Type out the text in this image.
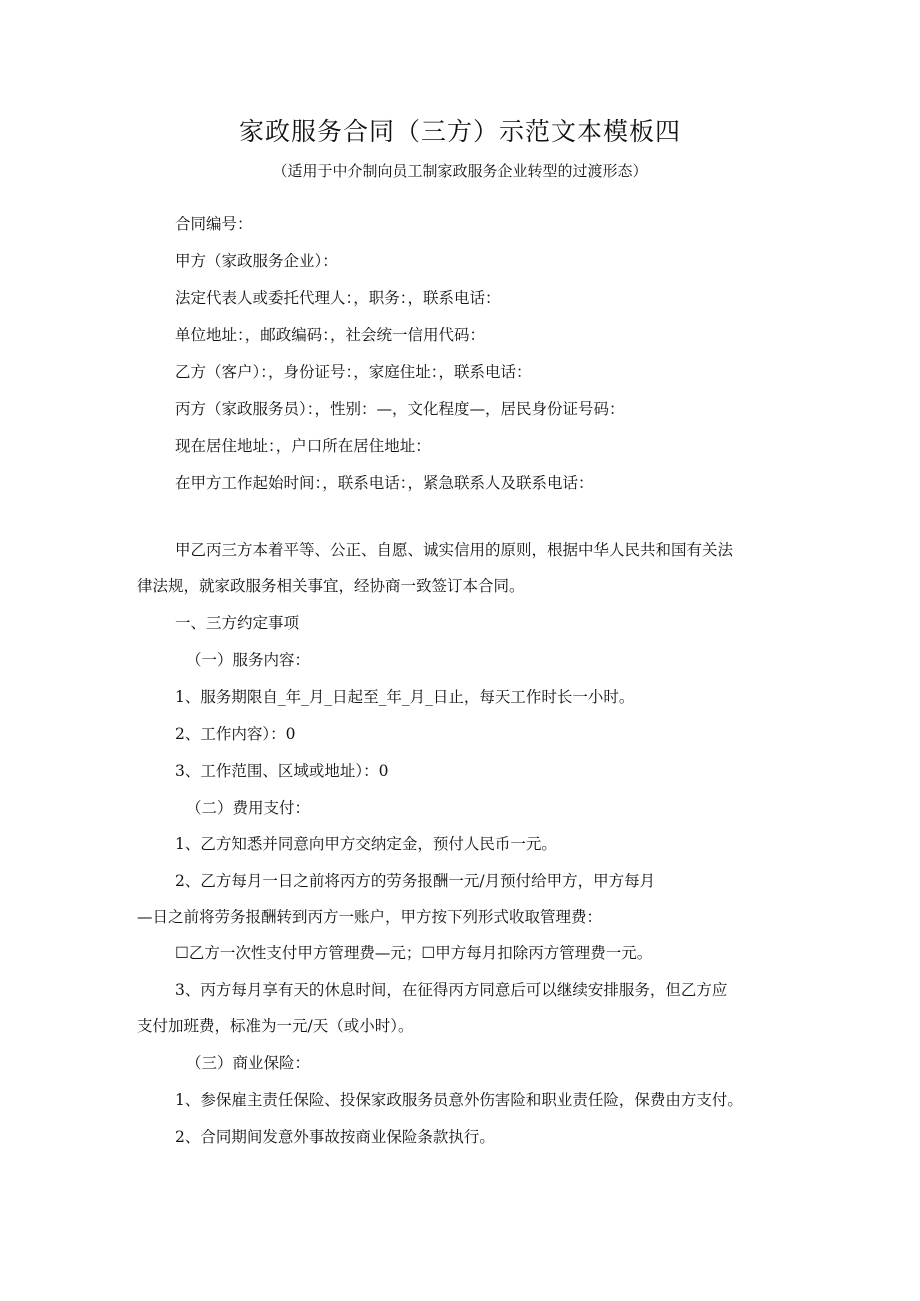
家政服务合同（三方）示范文本模板四
（适用于中介制向员工制家政服务企业转型的过渡形态）
合同编号：
甲方（家政服务企业）：
法定代表人或委托代理人：，职务：，联系电话：
单位地址：，邮政编码：，社会统一信用代码：
乙方（客户）：，身份证号：，家庭住址：，联系电话：
丙方（家政服务员）：，性别：—，文化程度—，居民身份证号码：
现在居住地址：，户口所在居住地址：
在甲方工作起始时间：，联系电话：，紧急联系人及联系电话：
甲乙丙三方本着平等、公正、自愿、诚实信用的原则，根据中华人民共和国有关法
律法规，就家政服务相关事宜，经协商一致签订本合同。
一、三方约定事项
（一）服务内容：
1、服务期限自_年_月_日起至_年_月_日止，每天工作时长一小时。
2、工作内容）：0
3、工作范围、区域或地址）：0
（二）费用支付：
1、乙方知悉并同意向甲方交纳定金，预付人民币一元。
2、乙方每月一日之前将丙方的劳务报酬一元/月预付给甲方，甲方每月
—日之前将劳务报酬转到丙方一账户，甲方按下列形式收取管理费：
☐乙方一次性支付甲方管理费—元；☐甲方每月扣除丙方管理费一元。
3、丙方每月享有天的休息时间，在征得丙方同意后可以继续安排服务，但乙方应
支付加班费，标准为一元/天（或小时）。
（三）商业保险：
1、参保雇主责任保险、投保家政服务员意外伤害险和职业责任险，保费由方支付。
2、合同期间发意外事故按商业保险条款执行。
